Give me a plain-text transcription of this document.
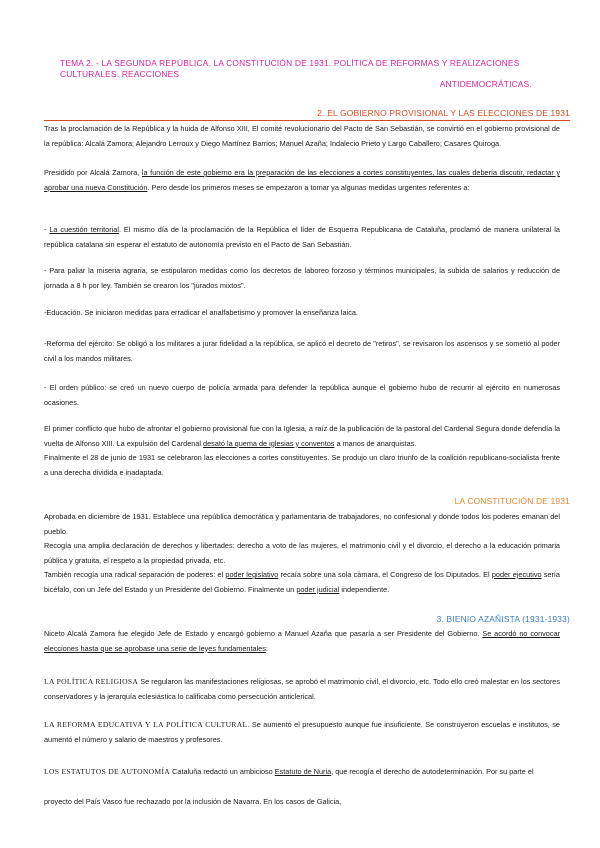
TEMA 2. - LA SEGUNDA REPÚBLICA. LA CONSTITUCIÓN DE 1931. POLÍTICA DE REFORMAS Y REALIZACIONES CULTURALES. REACCIONES
ANTIDEMOCRÁTICAS.
2. EL GOBIERNO PROVISIONAL Y LAS ELECCIONES DE 1931
Tras la proclamación de la República y la huida de Alfonso XIII, El comité revolucionario del Pacto de San Sebastián, se convirtió en el gobierno provisional de la república: Alcalá Zamora; Alejandro Lerroux y Diego Martínez Barrios; Manuel Azaña; Indalecio Prieto y Largo Caballero; Casares Quiroga.
Presidido por Alcalá Zamora, la función de este gobierno era la preparación de las elecciones a cortes constituyentes, las cuales debería discutir, redactar y aprobar una nueva Constitución. Pero desde los primeros meses se empezaron a tomar ya algunas medidas urgentes referentes a:
- La cuestión territorial. El mismo día de la proclamación de la República el líder de Esquerra Republicana de Cataluña, proclamó de manera unilateral la república catalana sin esperar el estatuto de autonomía previsto en el Pacto de San Sebastián.
- Para paliar la miseria agraria, se estipularon medidas como los decretos de laboreo forzoso y términos municipales, la subida de salarios y reducción de jornada a 8 h por ley. También se crearon los "jurados mixtos".
-Educación. Se iniciaron medidas para erradicar el analfabetismo y promover la enseñanza laica.
-Reforma del ejército: Se obligó a los militares a jurar fidelidad a la república, se aplicó el decreto de "retiros", se revisaron los ascensos y se sometió al poder civil a los mandos militares.
- El orden público: se creó un nuevo cuerpo de policía armada para defender la república aunque el gobierno hubo de recurrir al ejército en numerosas ocasiones.
El primer conflicto que hubo de afrontar el gobierno provisional fue con la Iglesia, a raíz de la publicación de la pastoral del Cardenal Segura donde defendía la vuelta de Alfonso XIII. La expulsión del Cardenal desató la quema de iglesias y conventos a manos de anarquistas.
Finalmente el 28 de junio de 1931 se celebraron las elecciones a cortes constituyentes. Se produjo un claro triunfo de la coalición republicano-socialista frente a una derecha dividida e inadaptada.
LA CONSTITUCIÓN DE 1931
Aprobada en diciembre de 1931. Establece una república democrática y parlamentaria de trabajadores, no confesional y donde todos los poderes emanan del pueblo.
Recogía una amplia declaración de derechos y libertades: derecho a voto de las mujeres, el matrimonio civil y el divorcio, el derecho a la educación primaria pública y gratuita, el respeto a la propiedad privada, etc.
También recogía una radical separación de poderes: el poder legislativo recaía sobre una sola cámara, el Congreso de los Diputados. El poder ejecutivo sería bicéfalo, con un Jefe del Estado y un Presidente del Gobierno. Finalmente un poder judicial independiente.
3. BIENIO AZAÑISTA (1931-1933)
Niceto Alcalá Zamora fue elegido Jefe de Estado y encargó gobierno a Manuel Azaña que pasaría a ser Presidente del Gobierno. Se acordó no convocar elecciones hasta que se aprobase una serie de leyes fundamentales:
LA POLÍTICA RELIGIOSA Se regularon las manifestaciones religiosas, se aprobó el matrimonio civil, el divorcio, etc. Todo ello creó malestar en los sectores conservadores y la jerarquía eclesiástica lo calificaba como persecución anticlerical.
LA REFORMA EDUCATIVA Y LA POLÍTICA CULTURAL. Se aumentó el presupuesto aunque fue insuficiente. Se construyeron escuelas e institutos, se aumentó el número y salario de maestros y profesores.
LOS ESTATUTOS DE AUTONOMÍA Cataluña redactó un ambicioso Estatuto de Nuria, que recogía el derecho de autodeterminación. Por su parte el
proyecto del País Vasco fue rechazado por la inclusión de Navarra. En los casos de Galicia,
